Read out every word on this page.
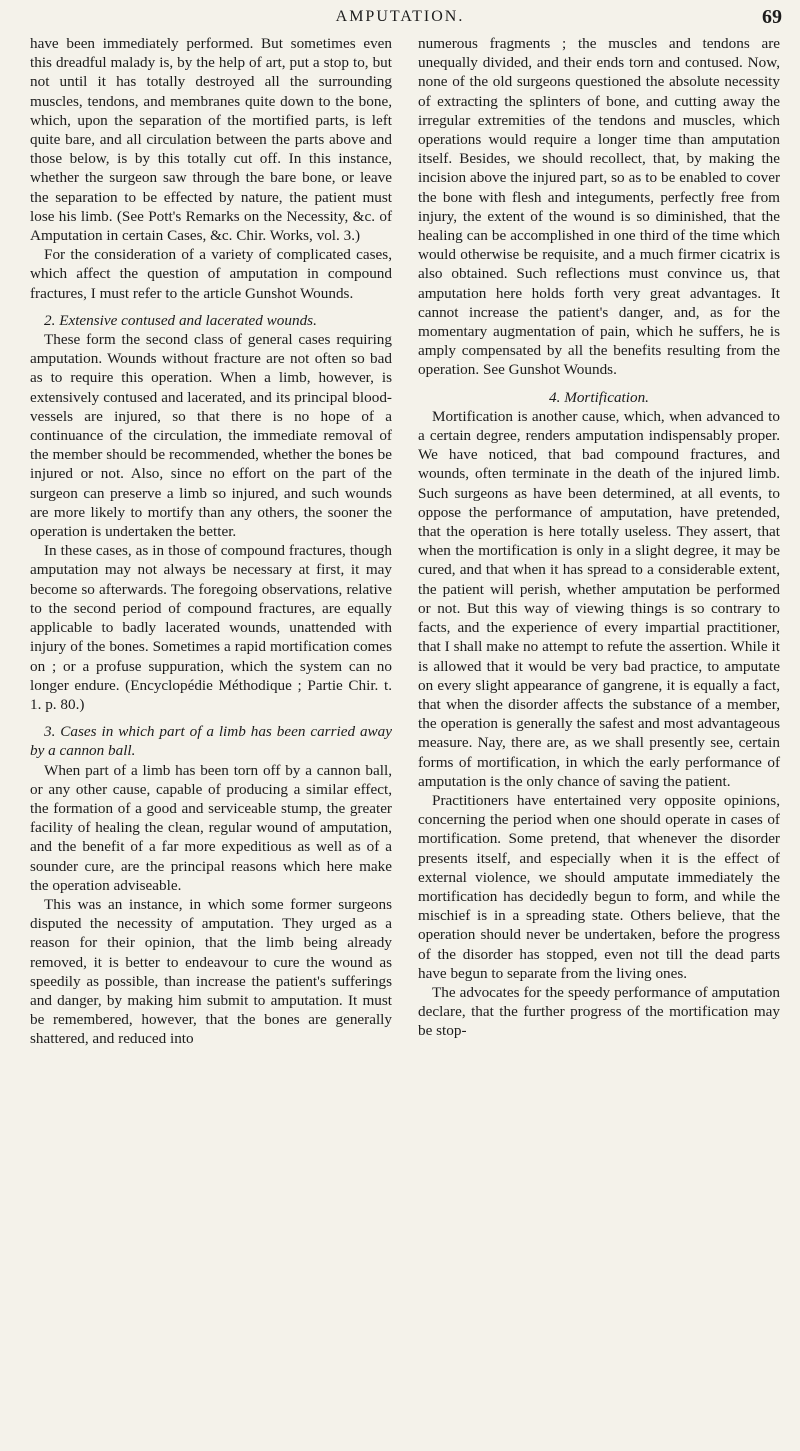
AMPUTATION.	69

have been immediately performed. But sometimes even this dreadful malady is, by the help of art, put a stop to, but not until it has totally destroyed all the surrounding muscles, tendons, and membranes quite down to the bone, which, upon the separation of the mortified parts, is left quite bare, and all circulation between the parts above and those below, is by this totally cut off. In this instance, whether the surgeon saw through the bare bone, or leave the separation to be effected by nature, the patient must lose his limb. (See Pott's Remarks on the Necessity, &c. of Amputation in certain Cases, &c. Chir. Works, vol. 3.)

For the consideration of a variety of complicated cases, which affect the question of amputation in compound fractures, I must refer to the article Gunshot Wounds.

2. Extensive contused and lacerated wounds.

These form the second class of general cases requiring amputation. Wounds without fracture are not often so bad as to require this operation. When a limb, however, is extensively contused and lacerated, and its principal blood-vessels are injured, so that there is no hope of a continuance of the circulation, the immediate removal of the member should be recommended, whether the bones be injured or not. Also, since no effort on the part of the surgeon can preserve a limb so injured, and such wounds are more likely to mortify than any others, the sooner the operation is undertaken the better.

In these cases, as in those of compound fractures, though amputation may not always be necessary at first, it may become so afterwards. The foregoing observations, relative to the second period of compound fractures, are equally applicable to badly lacerated wounds, unattended with injury of the bones. Sometimes a rapid mortification comes on ; or a profuse suppuration, which the system can no longer endure. (Encyclopédie Méthodique ; Partie Chir. t. 1. p. 80.)

3. Cases in which part of a limb has been carried away by a cannon ball.

When part of a limb has been torn off by a cannon ball, or any other cause, capable of producing a similar effect, the formation of a good and serviceable stump, the greater facility of healing the clean, regular wound of amputation, and the benefit of a far more expeditious as well as of a sounder cure, are the principal reasons which here make the operation adviseable.

This was an instance, in which some former surgeons disputed the necessity of amputation. They urged as a reason for their opinion, that the limb being already removed, it is better to endeavour to cure the wound as speedily as possible, than increase the patient's sufferings and danger, by making him submit to amputation. It must be remembered, however, that the bones are generally shattered, and reduced into

numerous fragments ; the muscles and tendons are unequally divided, and their ends torn and contused. Now, none of the old surgeons questioned the absolute necessity of extracting the splinters of bone, and cutting away the irregular extremities of the tendons and muscles, which operations would require a longer time than amputation itself. Besides, we should recollect, that, by making the incision above the injured part, so as to be enabled to cover the bone with flesh and integuments, perfectly free from injury, the extent of the wound is so diminished, that the healing can be accomplished in one third of the time which would otherwise be requisite, and a much firmer cicatrix is also obtained. Such reflections must convince us, that amputation here holds forth very great advantages. It cannot increase the patient's danger, and, as for the momentary augmentation of pain, which he suffers, he is amply compensated by all the benefits resulting from the operation. See Gunshot Wounds.

4. Mortification.

Mortification is another cause, which, when advanced to a certain degree, renders amputation indispensably proper. We have noticed, that bad compound fractures, and wounds, often terminate in the death of the injured limb. Such surgeons as have been determined, at all events, to oppose the performance of amputation, have pretended, that the operation is here totally useless. They assert, that when the mortification is only in a slight degree, it may be cured, and that when it has spread to a considerable extent, the patient will perish, whether amputation be performed or not. But this way of viewing things is so contrary to facts, and the experience of every impartial practitioner, that I shall make no attempt to refute the assertion. While it is allowed that it would be very bad practice, to amputate on every slight appearance of gangrene, it is equally a fact, that when the disorder affects the substance of a member, the operation is generally the safest and most advantageous measure. Nay, there are, as we shall presently see, certain forms of mortification, in which the early performance of amputation is the only chance of saving the patient.

Practitioners have entertained very opposite opinions, concerning the period when one should operate in cases of mortification. Some pretend, that whenever the disorder presents itself, and especially when it is the effect of external violence, we should amputate immediately the mortification has decidedly begun to form, and while the mischief is in a spreading state. Others believe, that the operation should never be undertaken, before the progress of the disorder has stopped, even not till the dead parts have begun to separate from the living ones.

The advocates for the speedy performance of amputation declare, that the further progress of the mortification may be stop-
